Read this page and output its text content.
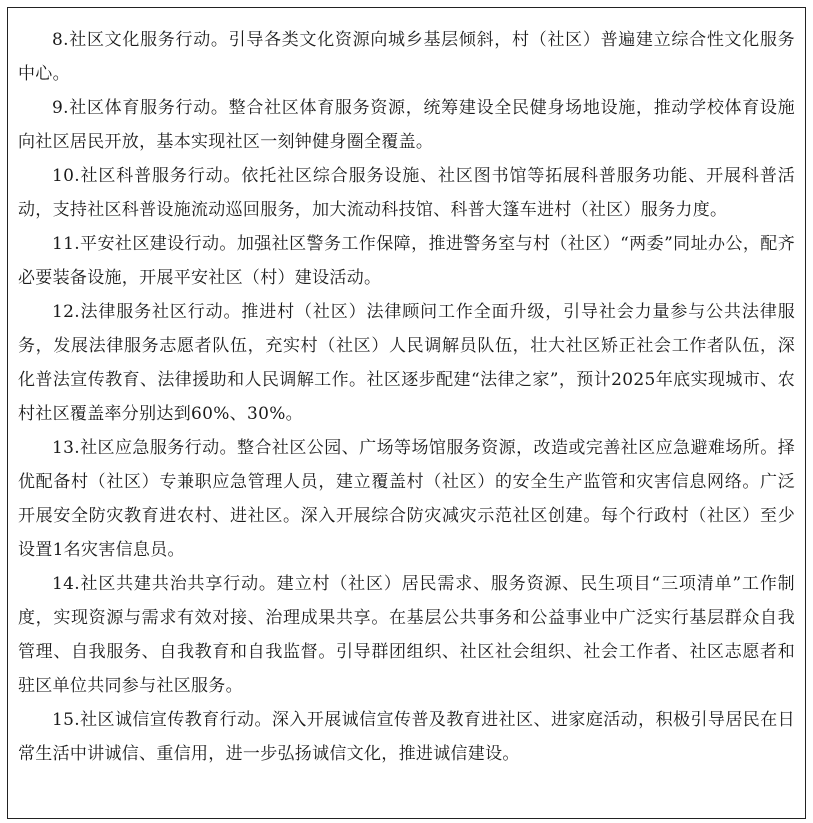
8.社区文化服务行动。引导各类文化资源向城乡基层倾斜，村（社区）普遍建立综合性文化服务中心。

9.社区体育服务行动。整合社区体育服务资源，统筹建设全民健身场地设施，推动学校体育设施向社区居民开放，基本实现社区一刻钟健身圈全覆盖。

10.社区科普服务行动。依托社区综合服务设施、社区图书馆等拓展科普服务功能、开展科普活动，支持社区科普设施流动巡回服务，加大流动科技馆、科普大篷车进村（社区）服务力度。

11.平安社区建设行动。加强社区警务工作保障，推进警务室与村（社区）“两委”同址办公，配齐必要装备设施，开展平安社区（村）建设活动。

12.法律服务社区行动。推进村（社区）法律顾问工作全面升级，引导社会力量参与公共法律服务，发展法律服务志愿者队伍，充实村（社区）人民调解员队伍，壮大社区矫正社会工作者队伍，深化普法宣传教育、法律援助和人民调解工作。社区逐步配建“法律之家”，预计2025年底实现城市、农村社区覆盖率分别达到60%、30%。

13.社区应急服务行动。整合社区公园、广场等场馆服务资源，改造或完善社区应急避难场所。择优配备村（社区）专兼职应急管理人员，建立覆盖村（社区）的安全生产监管和灾害信息网络。广泛开展安全防灾教育进农村、进社区。深入开展综合防灾减灾示范社区创建。每个行政村（社区）至少设置1名灾害信息员。

14.社区共建共治共享行动。建立村（社区）居民需求、服务资源、民生项目“三项清单”工作制度，实现资源与需求有效对接、治理成果共享。在基层公共事务和公益事业中广泛实行基层群众自我管理、自我服务、自我教育和自我监督。引导群团组织、社区社会组织、社会工作者、社区志愿者和驻区单位共同参与社区服务。

15.社区诚信宣传教育行动。深入开展诚信宣传普及教育进社区、进家庭活动，积极引导居民在日常生活中讲诚信、重信用，进一步弘扬诚信文化，推进诚信建设。
